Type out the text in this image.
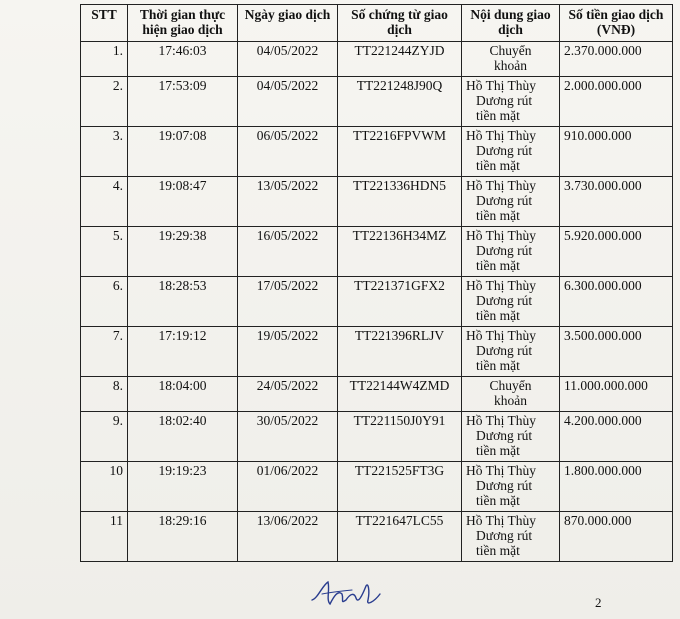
STT	Thời gian thực hiện giao dịch	Ngày giao dịch	Số chứng từ giao dịch	Nội dung giao dịch	Số tiền giao dịch (VNĐ)
1.	17:46:03	04/05/2022	TT221244ZYJD	Chuyển
khoản	2.370.000.000
2.	17:53:09	04/05/2022	TT221248J90Q	Hồ Thị Thùy
Dương rút
tiền mặt	2.000.000.000
3.	19:07:08	06/05/2022	TT2216FPVWM	Hồ Thị Thùy
Dương rút
tiền mặt	910.000.000
4.	19:08:47	13/05/2022	TT221336HDN5	Hồ Thị Thùy
Dương rút
tiền mặt	3.730.000.000
5.	19:29:38	16/05/2022	TT22136H34MZ	Hồ Thị Thùy
Dương rút
tiền mặt	5.920.000.000
6.	18:28:53	17/05/2022	TT221371GFX2	Hồ Thị Thùy
Dương rút
tiền mặt	6.300.000.000
7.	17:19:12	19/05/2022	TT221396RLJV	Hồ Thị Thùy
Dương rút
tiền mặt	3.500.000.000
8.	18:04:00	24/05/2022	TT22144W4ZMD	Chuyển
khoản	11.000.000.000
9.	18:02:40	30/05/2022	TT221150J0Y91	Hồ Thị Thùy
Dương rút
tiền mặt	4.200.000.000
10	19:19:23	01/06/2022	TT221525FT3G	Hồ Thị Thùy
Dương rút
tiền mặt	1.800.000.000
11	18:29:16	13/06/2022	TT221647LC55	Hồ Thị Thùy
Dương rút
tiền mặt	870.000.000
2
